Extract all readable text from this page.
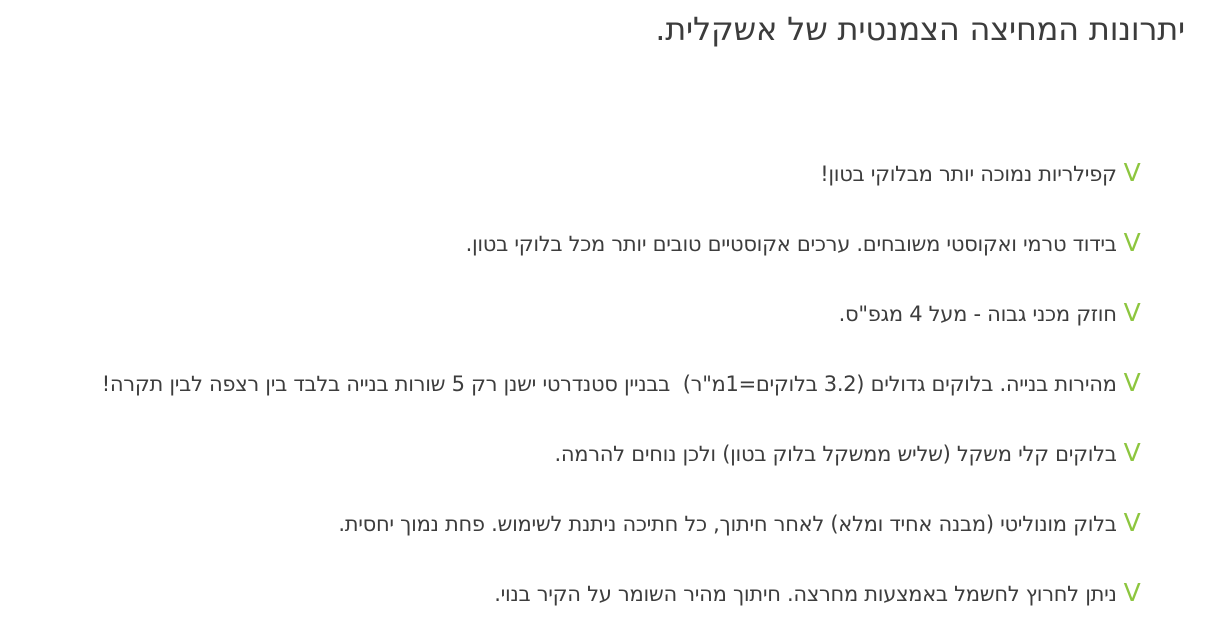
יתרונות המחיצה הצמנטית של אשקלית.

Vקפילריות נמוכה יותר מבלוקי בטון!

Vבידוד טרמי ואקוסטי משובחים. ערכים אקוסטיים טובים יותר מכל בלוקי בטון.

Vחוזק מכני גבוה - מעל 4 מגפ"ס.

Vמהירות בנייה. בלוקים גדולים (3.2 בלוקים=1מ"ר)  בבניין סטנדרטי ישנן רק 5 שורות בנייה בלבד בין רצפה לבין תקרה!

Vבלוקים קלי משקל (שליש ממשקל בלוק בטון) ולכן נוחים להרמה.

Vבלוק מונוליטי (מבנה אחיד ומלא) לאחר חיתוך, כל חתיכה ניתנת לשימוש. פחת נמוך יחסית.

Vניתן לחרוץ לחשמל באמצעות מחרצה. חיתוך מהיר השומר על הקיר בנוי.
